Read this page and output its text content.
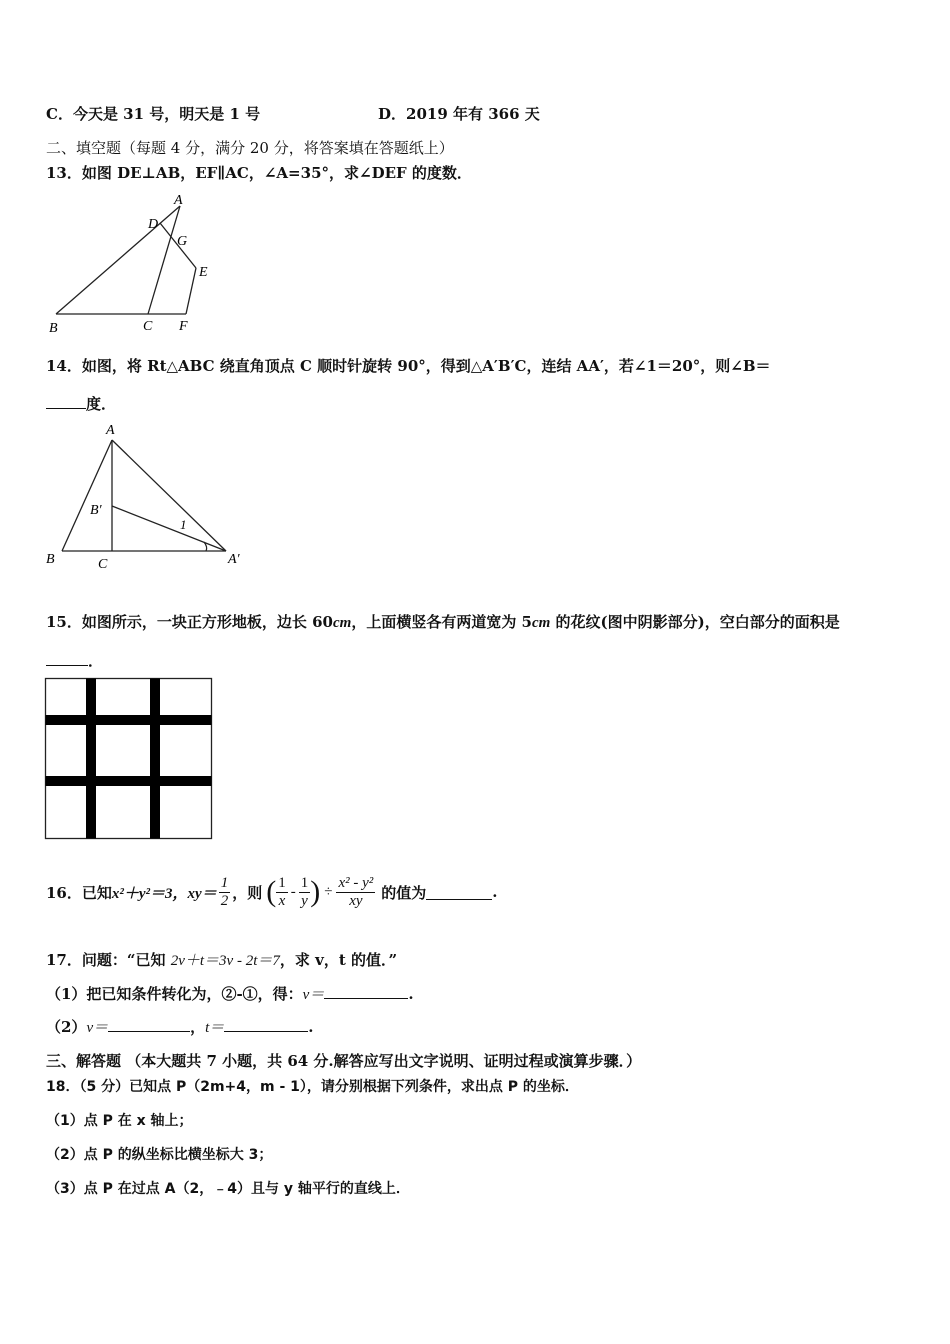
C．今天是 31 号，明天是 1 号	D．2019 年有 366 天
二、填空题（每题 4 分，满分 20 分，将答案填在答题纸上）
13．如图 DE⊥AB，EF∥AC，∠A=35°，求∠DEF 的度数．
A
D
G
E
B	C F
14．如图，将 Rt△ABC 绕直角顶点 C 顺时针旋转 90°，得到△A′B′C，连结 AA′，若∠1＝20°，则∠B＝
度．
A
B′
1
B	C	A′
15．如图所示，一块正方形地板，边长 60cm，上面横竖各有两道宽为 5cm 的花纹(图中阴影部分)，空白部分的面积是
．
16．已知 x²＋y²＝3， $xy= \frac{1}{2}$ ，则 ( $\frac{1}{x} - \frac{1}{y}$ ) ÷ $\frac{\text{x² - y²}}{xy}$ 的值为	.
17．问题：“已知 2v＋t＝3v - 2t＝7，求 v，t 的值．”
（1）把已知条件转化为，②-①，得：v＝	.
（2）v＝	，t＝	.
三、解答题 （本大题共 7 小题，共 64 分.解答应写出文字说明、证明过程或演算步骤．）
18．（5 分）已知点 P（2m+4，m - 1），请分别根据下列条件，求出点 P 的坐标．
（1）点 P 在 x 轴上；
（2）点 P 的纵坐标比横坐标大 3；
（3）点 P 在过点 A（2，﹣4）且与 y 轴平行的直线上．
